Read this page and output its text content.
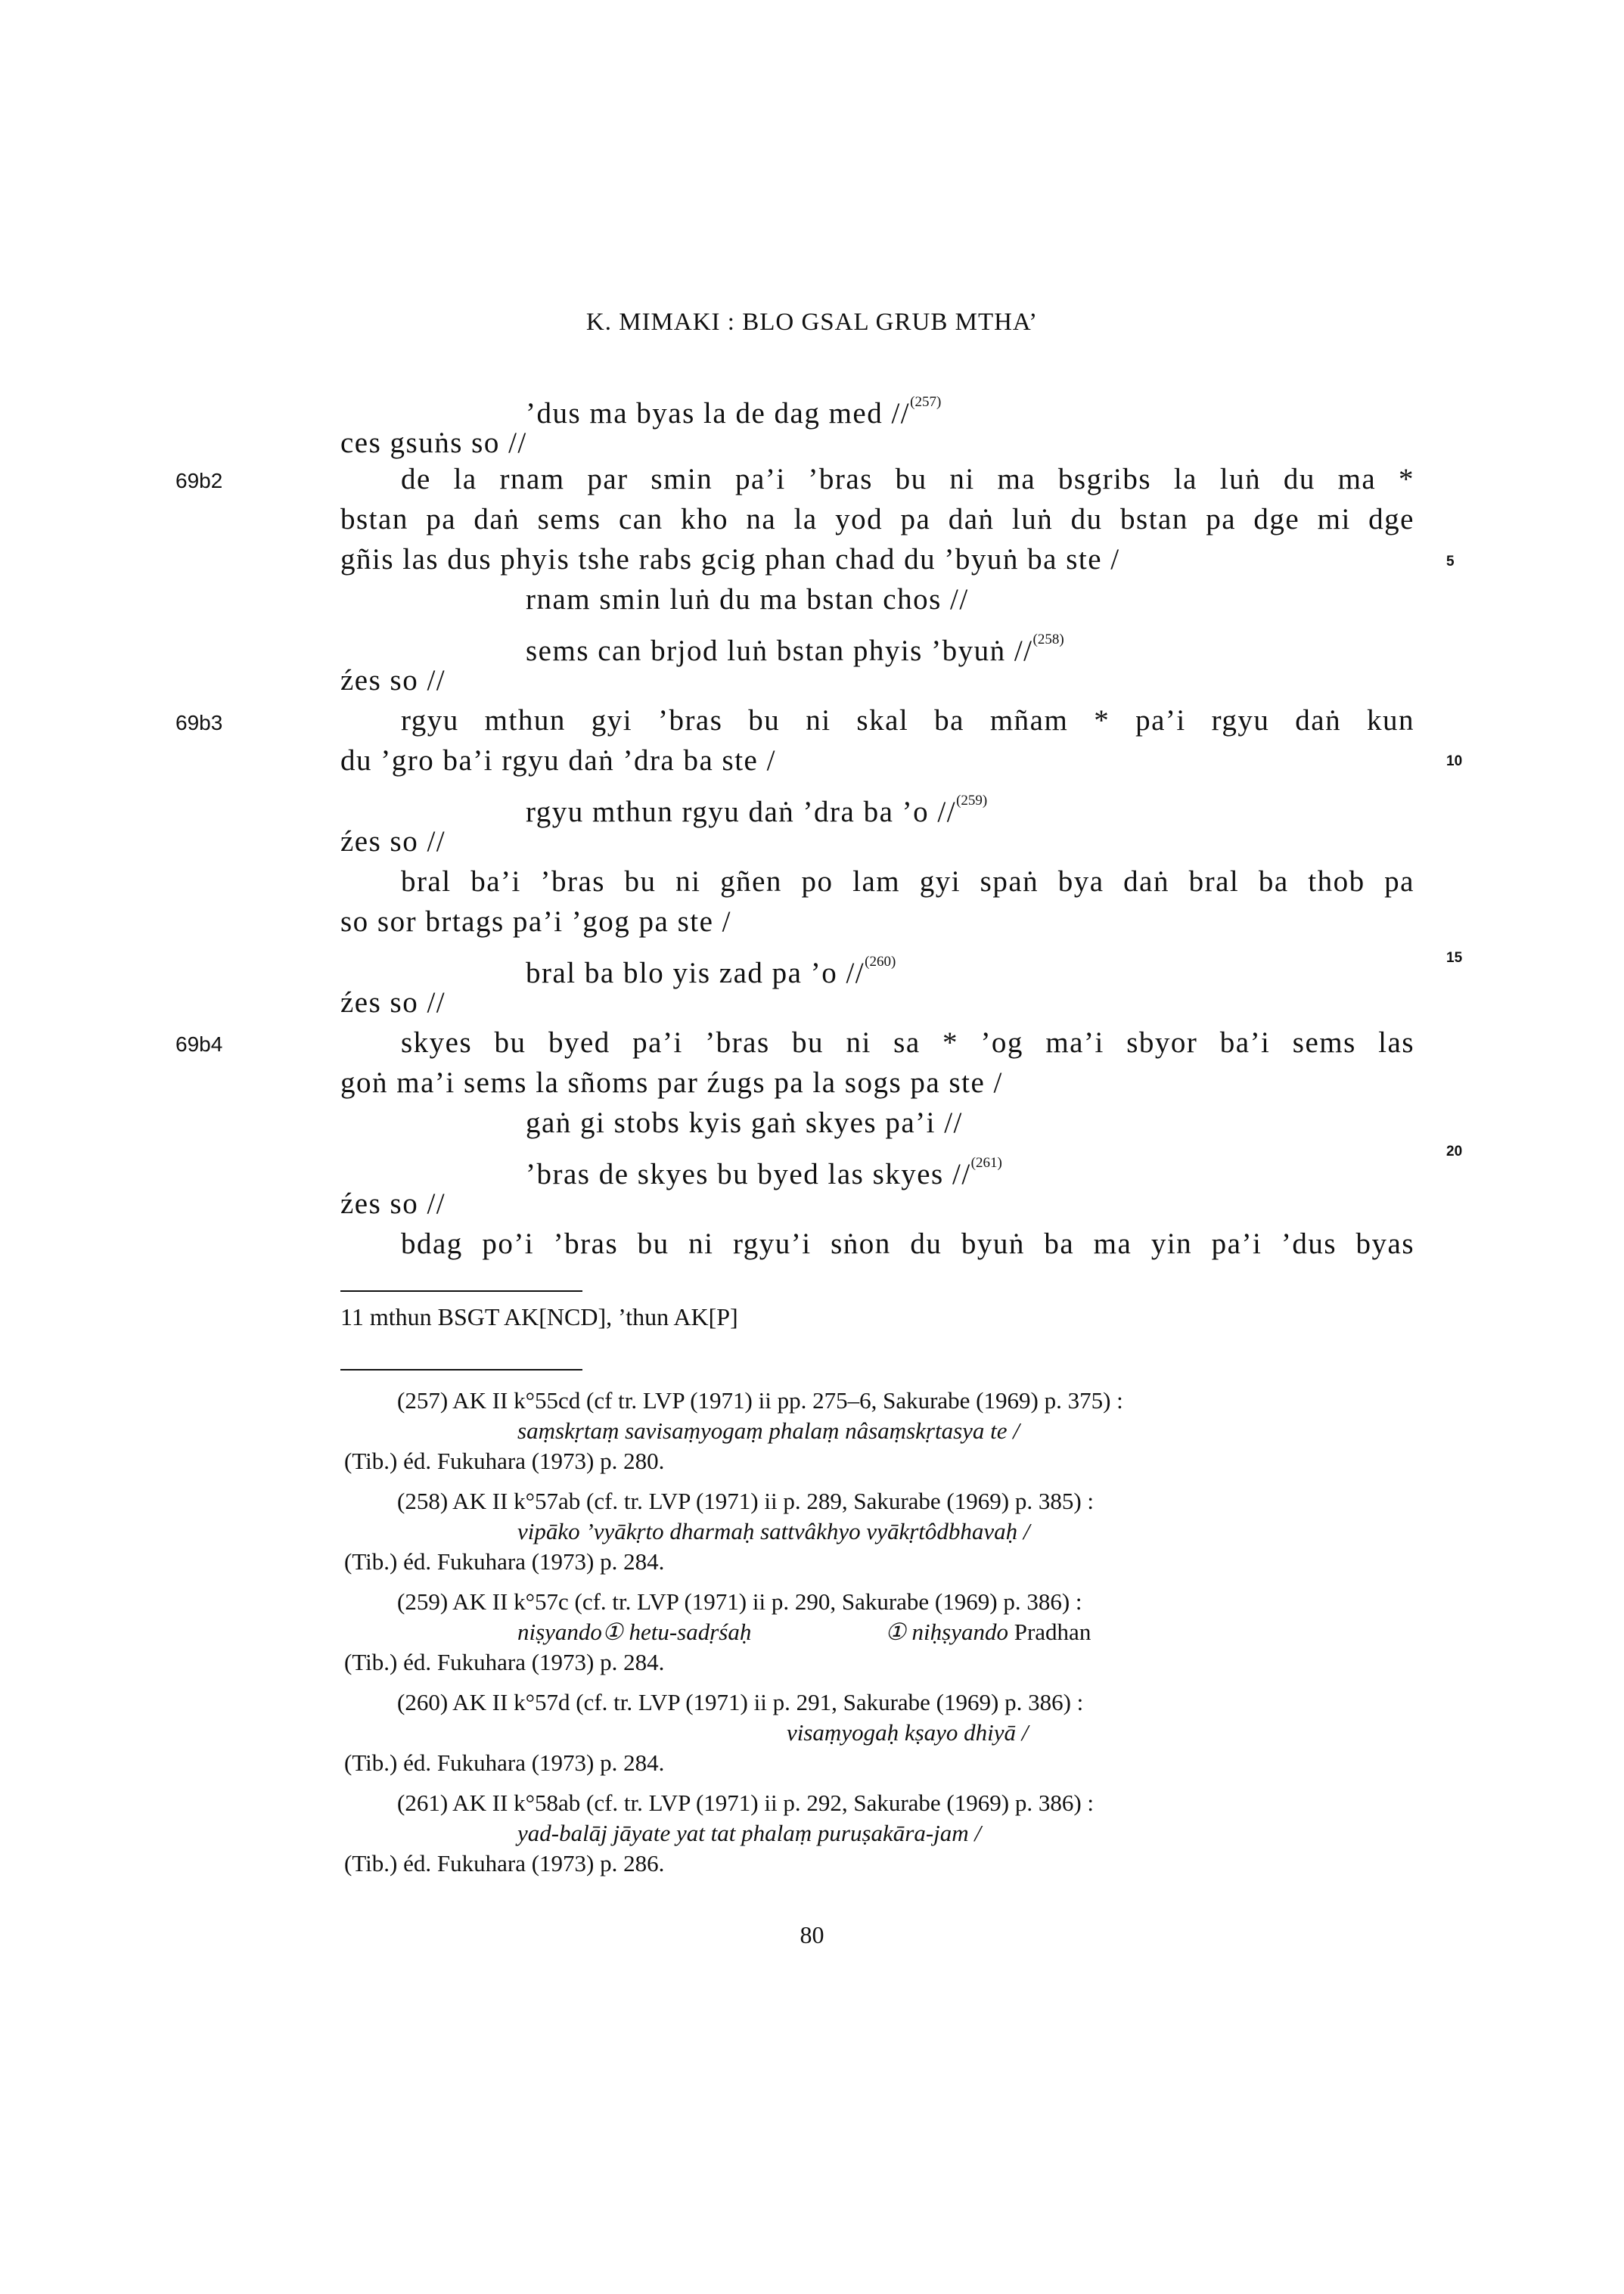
K. MIMAKI : BLO GSAL GRUB MTHA’
’dus ma byas la de dag med //$^{(257)}$
ces gsuṅs so //
69b2	de la rnam par smin pa’i ’bras bu ni ma bsgribs la luṅ du ma *
bstan pa daṅ sems can kho na la yod pa daṅ luṅ du bstan pa dge mi dge
gñis las dus phyis tshe rabs gcig phan chad du ’byuṅ ba ste /	5
rnam smin luṅ du ma bstan chos //
sems can brjod luṅ bstan phyis ’byuṅ //$^{(258)}$
źes so //
69b3	rgyu mthun gyi ’bras bu ni skal ba mñam * pa’i rgyu daṅ kun
du ’gro ba’i rgyu daṅ ’dra ba ste /	10
rgyu mthun rgyu daṅ ’dra ba ’o //$^{(259)}$
źes so //
bral ba’i ’bras bu ni gñen po lam gyi spaṅ bya daṅ bral ba thob pa
so sor brtags pa’i ’gog pa ste /
bral ba blo yis zad pa ’o //$^{(260)}$	15
źes so //
69b4	skyes bu byed pa’i ’bras bu ni sa * ’og ma’i sbyor ba’i sems las
goṅ ma’i sems la sñoms par źugs pa la sogs pa ste /
gaṅ gi stobs kyis gaṅ skyes pa’i //
’bras de skyes bu byed las skyes //$^{(261)}$
20
źes so //
bdag po’i ’bras bu ni rgyu’i sṅon du byuṅ ba ma yin pa’i ’dus byas
11 mthun BSGT AK[NCD], ’thun AK[P]
(257) AK II k°55cd (cf tr. LVP (1971) ii pp. 275–6, Sakurabe (1969) p. 375) :
saṃskṛtaṃ savisaṃyogaṃ phalaṃ nâsaṃskṛtasya te /
(Tib.) éd. Fukuhara (1973) p. 280.
(258) AK II k°57ab (cf. tr. LVP (1971) ii p. 289, Sakurabe (1969) p. 385) :
vipāko ’vyākṛto dharmaḥ sattvâkhyo vyākṛtôdbhavaḥ /
(Tib.) éd. Fukuhara (1973) p. 284.
(259) AK II k°57c (cf. tr. LVP (1971) ii p. 290, Sakurabe (1969) p. 386) :
niṣyando① hetu-sadṛśaḥ	① niḥṣyando Pradhan
(Tib.) éd. Fukuhara (1973) p. 284.
(260) AK II k°57d (cf. tr. LVP (1971) ii p. 291, Sakurabe (1969) p. 386) :
visaṃyogaḥ kṣayo dhiyā /
(Tib.) éd. Fukuhara (1973) p. 284.
(261) AK II k°58ab (cf. tr. LVP (1971) ii p. 292, Sakurabe (1969) p. 386) :
yad-balāj jāyate yat tat phalaṃ puruṣakāra-jam /
(Tib.) éd. Fukuhara (1973) p. 286.
80
